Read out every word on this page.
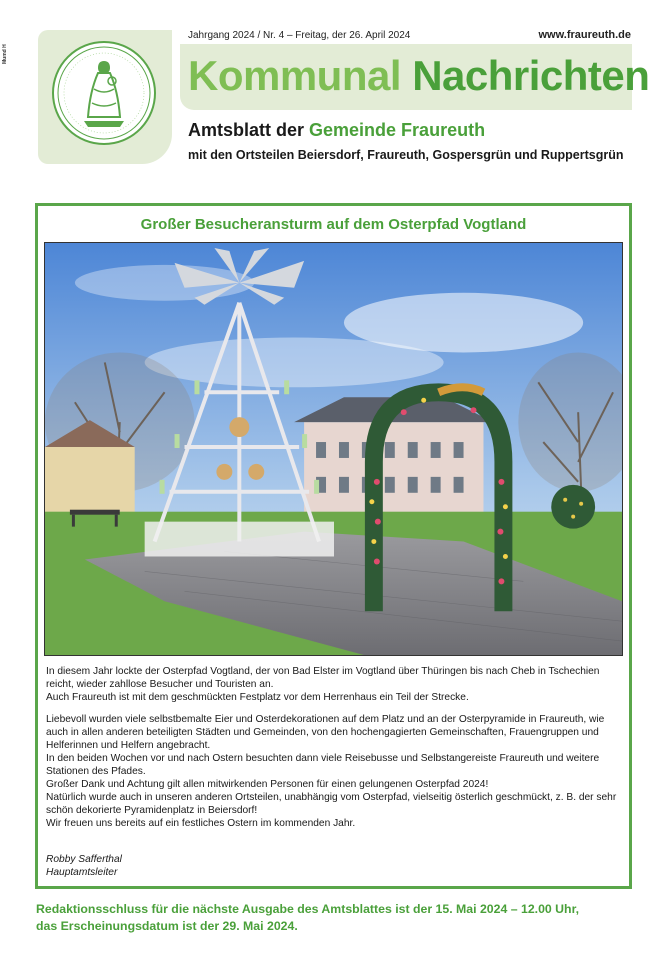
Mumd H
Jahrgang 2024 / Nr. 4 – Freitag, der 26. April 2024	www.fraureuth.de
Kommunal Nachrichten
Amtsblatt der Gemeinde Fraureuth
mit den Ortsteilen Beiersdorf, Fraureuth, Gospersgrün und Ruppertsgrün
Großer Besucheransturm auf dem Osterpfad Vogtland

In diesem Jahr lockte der Osterpfad Vogtland, der von Bad Elster im Vogtland über Thüringen bis nach Cheb in Tschechien reicht, wieder zahllose Besucher und Touristen an.

Auch Fraureuth ist mit dem geschmückten Festplatz vor dem Herrenhaus ein Teil der Strecke.

Liebevoll wurden viele selbstbemalte Eier und Osterdekorationen auf dem Platz und an der Osterpyramide in Fraureuth, wie auch in allen anderen beteiligten Städten und Gemeinden, von den hochengagierten Gemeinschaften, Frauengruppen und Helferinnen und Helfern angebracht.

In den beiden Wochen vor und nach Ostern besuchten dann viele Reisebusse und Selbstangereiste Fraureuth und weitere Stationen des Pfades.

Großer Dank und Achtung gilt allen mitwirkenden Personen für einen gelungenen Osterpfad 2024!

Natürlich wurde auch in unseren anderen Ortsteilen, unabhängig vom Osterpfad, vielseitig österlich geschmückt, z. B. der sehr schön dekorierte Pyramidenplatz in Beiersdorf!

Wir freuen uns bereits auf ein festliches Ostern im kommenden Jahr.

Robby Safferthal

Hauptamtsleiter

Redaktionsschluss für die nächste Ausgabe des Amtsblattes ist der 15. Mai 2024 – 12.00 Uhr,

das Erscheinungsdatum ist der 29. Mai 2024.
